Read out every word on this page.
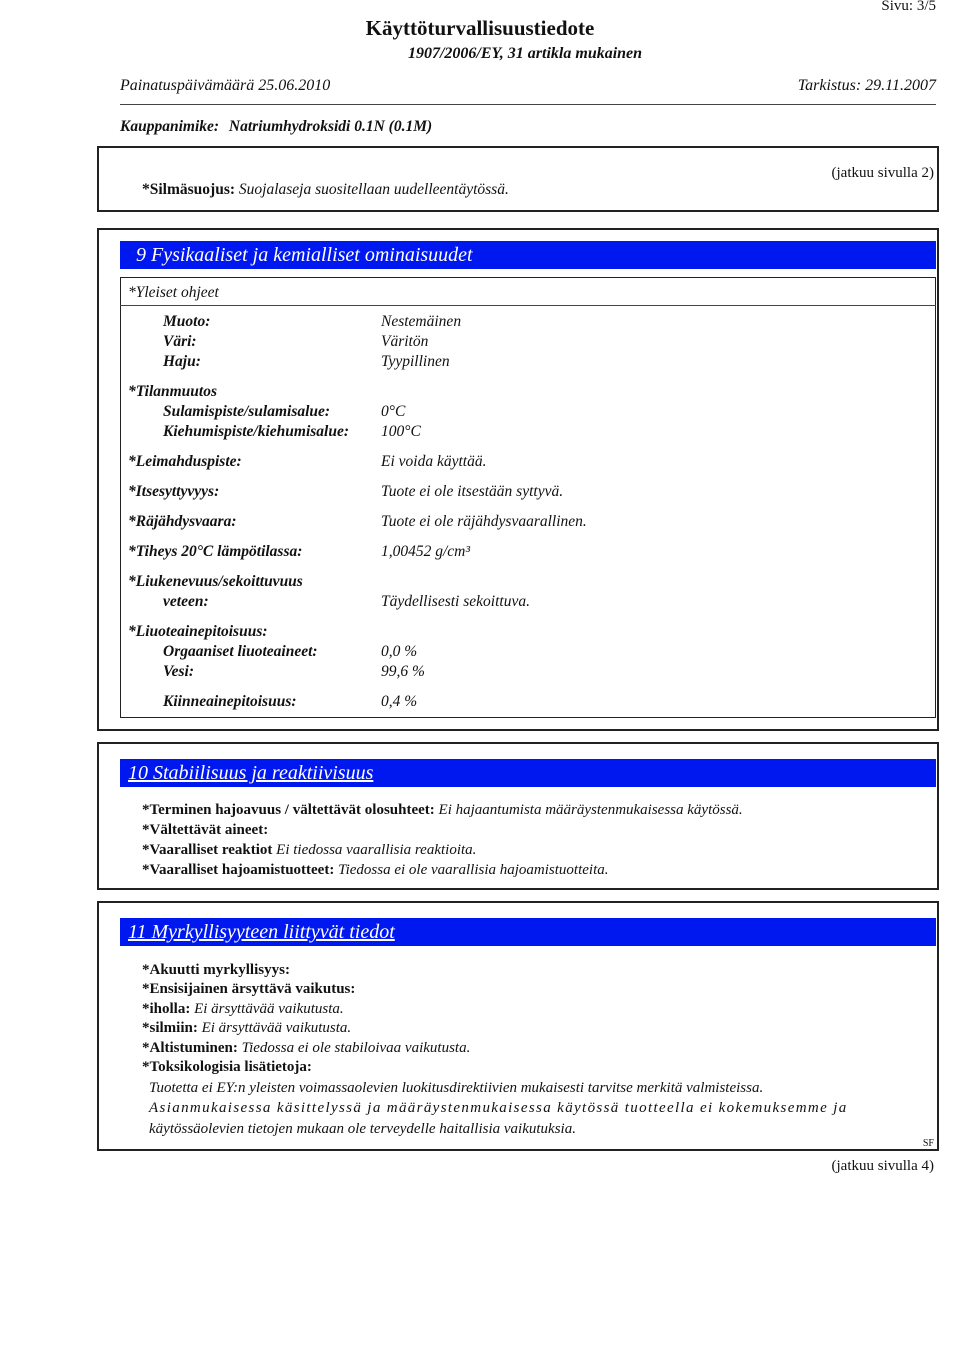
Sivu: 3/5
Käyttöturvallisuustiedote
1907/2006/EY, 31 artikla mukainen
Painatuspäivämäärä 25.06.2010	Tarkistus: 29.11.2007
Kauppanimike: Natriumhydroksidi 0.1N (0.1M)
(jatkuu sivulla 2)
*Silmäsuojus: Suojalaseja suositellaan uudelleentäytössä.
9 Fysikaaliset ja kemialliset ominaisuudet
*Yleiset ohjeet
Muoto:	Nestemäinen
Väri:	Väritön
Haju:	Tyypillinen
*Tilanmuutos
Sulamispiste/sulamisalue:	0°C
Kiehumispiste/kiehumisalue: 100°C
*Leimahduspiste:	Ei voida käyttää.
*Itsesyttyvyys:	Tuote ei ole itsestään syttyvä.
*Räjähdysvaara:	Tuote ei ole räjähdysvaarallinen.
*Tiheys 20°C lämpötilassa:	1,00452 g/cm³
*Liukenevuus/sekoittuvuus
veteen:	Täydellisesti sekoittuva.
*Liuoteainepitoisuus:
Orgaaniset liuoteaineet:	0,0 %
Vesi:	99,6 %
Kiinneainepitoisuus:	0,4 %
10 Stabiilisuus ja reaktiivisuus
*Terminen hajoavuus / vältettävät olosuhteet: Ei hajaantumista määräystenmukaisessa käytössä.
*Vältettävät aineet:
*Vaaralliset reaktiot Ei tiedossa vaarallisia reaktioita.
*Vaaralliset hajoamistuotteet: Tiedossa ei ole vaarallisia hajoamistuotteita.
11 Myrkyllisyyteen liittyvät tiedot
*Akuutti myrkyllisyys:
*Ensisijainen ärsyttävä vaikutus:
*iholla: Ei ärsyttävää vaikutusta.
*silmiin: Ei ärsyttävää vaikutusta.
*Altistuminen: Tiedossa ei ole stabiloivaa vaikutusta.
*Toksikologisia lisätietoja:
Tuotetta ei EY:n yleisten voimassaolevien luokitusdirektiivien mukaisesti tarvitse merkitä valmisteissa.
Asianmukaisessa käsittelyssä ja määräystenmukaisessa käytössä tuotteella ei kokemuksemme ja
käytössäolevien tietojen mukaan ole terveydelle haitallisia vaikutuksia.
SF
(jatkuu sivulla 4)
